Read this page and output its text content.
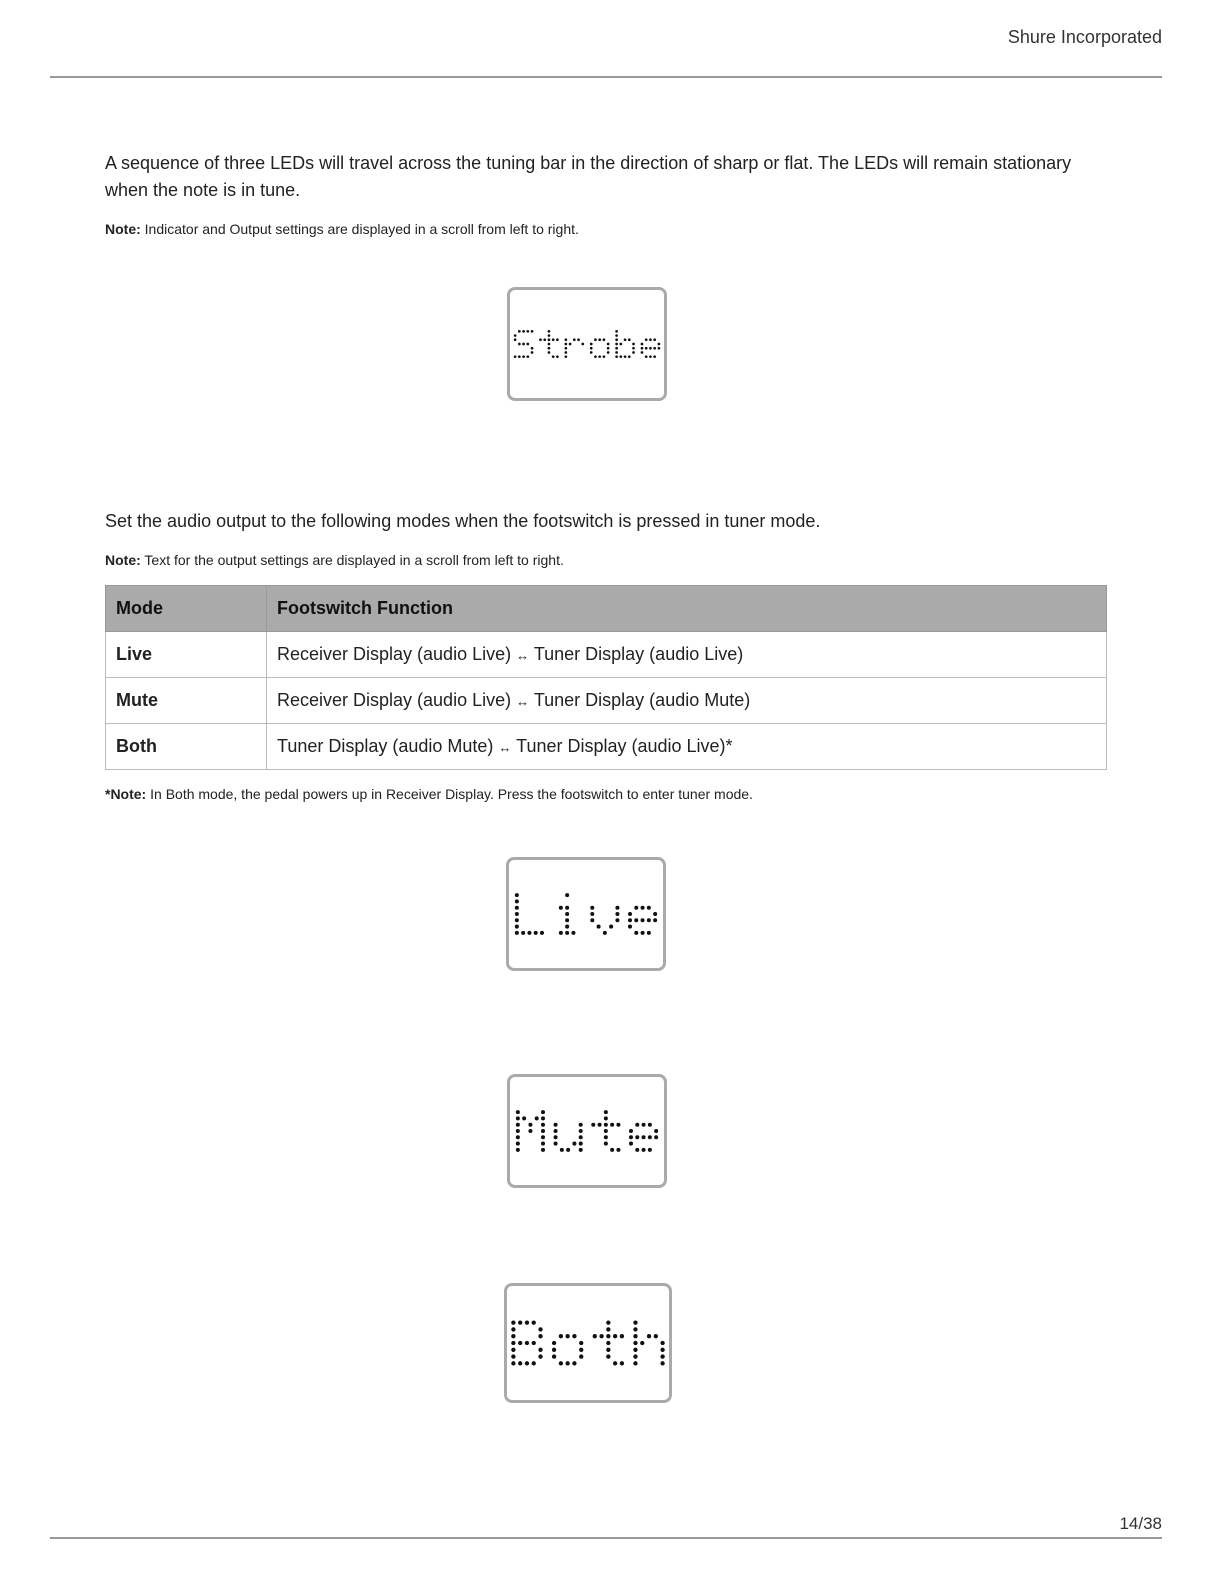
Shure Incorporated
A sequence of three LEDs will travel across the tuning bar in the direction of sharp or flat. The LEDs will remain stationary when the note is in tune.
Note: Indicator and Output settings are displayed in a scroll from left to right.
Set the audio output to the following modes when the footswitch is pressed in tuner mode.
Note: Text for the output settings are displayed in a scroll from left to right.
Mode	Footswitch Function
Live	Receiver Display (audio Live) ↔ Tuner Display (audio Live)
Mute	Receiver Display (audio Live) ↔ Tuner Display (audio Mute)
Both	Tuner Display (audio Mute) ↔ Tuner Display (audio Live)*
*Note: In Both mode, the pedal powers up in Receiver Display. Press the footswitch to enter tuner mode.
14/38
